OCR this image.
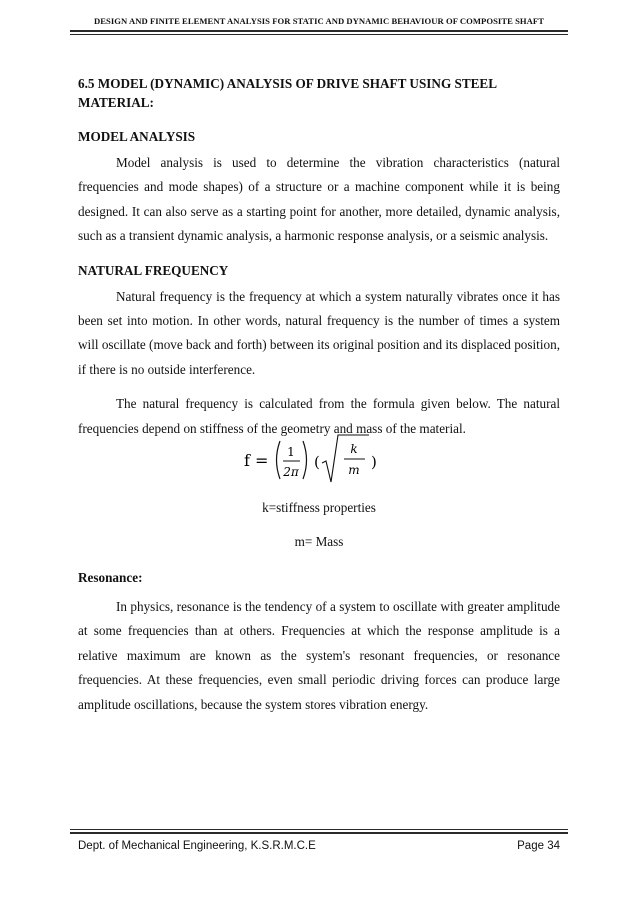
DESIGN AND FINITE ELEMENT ANALYSIS FOR STATIC AND DYNAMIC BEHAVIOUR OF COMPOSITE SHAFT
6.5 MODEL (DYNAMIC) ANALYSIS OF DRIVE SHAFT USING STEEL MATERIAL:
MODEL ANALYSIS

Model analysis is used to determine the vibration characteristics (natural frequencies and mode shapes) of a structure or a machine component while it is being designed. It can also serve as a starting point for another, more detailed, dynamic analysis, such as a transient dynamic analysis, a harmonic response analysis, or a seismic analysis.

NATURAL FREQUENCY

Natural frequency is the frequency at which a system naturally vibrates once it has been set into motion. In other words, natural frequency is the number of times a system will oscillate (move back and forth) between its original position and its displaced position, if there is no outside interference.

The natural frequency is calculated from the formula given below. The natural frequencies depend on stiffness of the geometry and mass of the material.

f = 1
2π
(
k
m )
k=stiffness properties
m= Mass
Resonance:

In physics, resonance is the tendency of a system to oscillate with greater amplitude at some frequencies than at others. Frequencies at which the response amplitude is a relative maximum are known as the system's resonant frequencies, or resonance frequencies. At these frequencies, even small periodic driving forces can produce large amplitude oscillations, because the system stores vibration energy.

Dept. of Mechanical Engineering, K.S.R.M.C.E	Page 34
